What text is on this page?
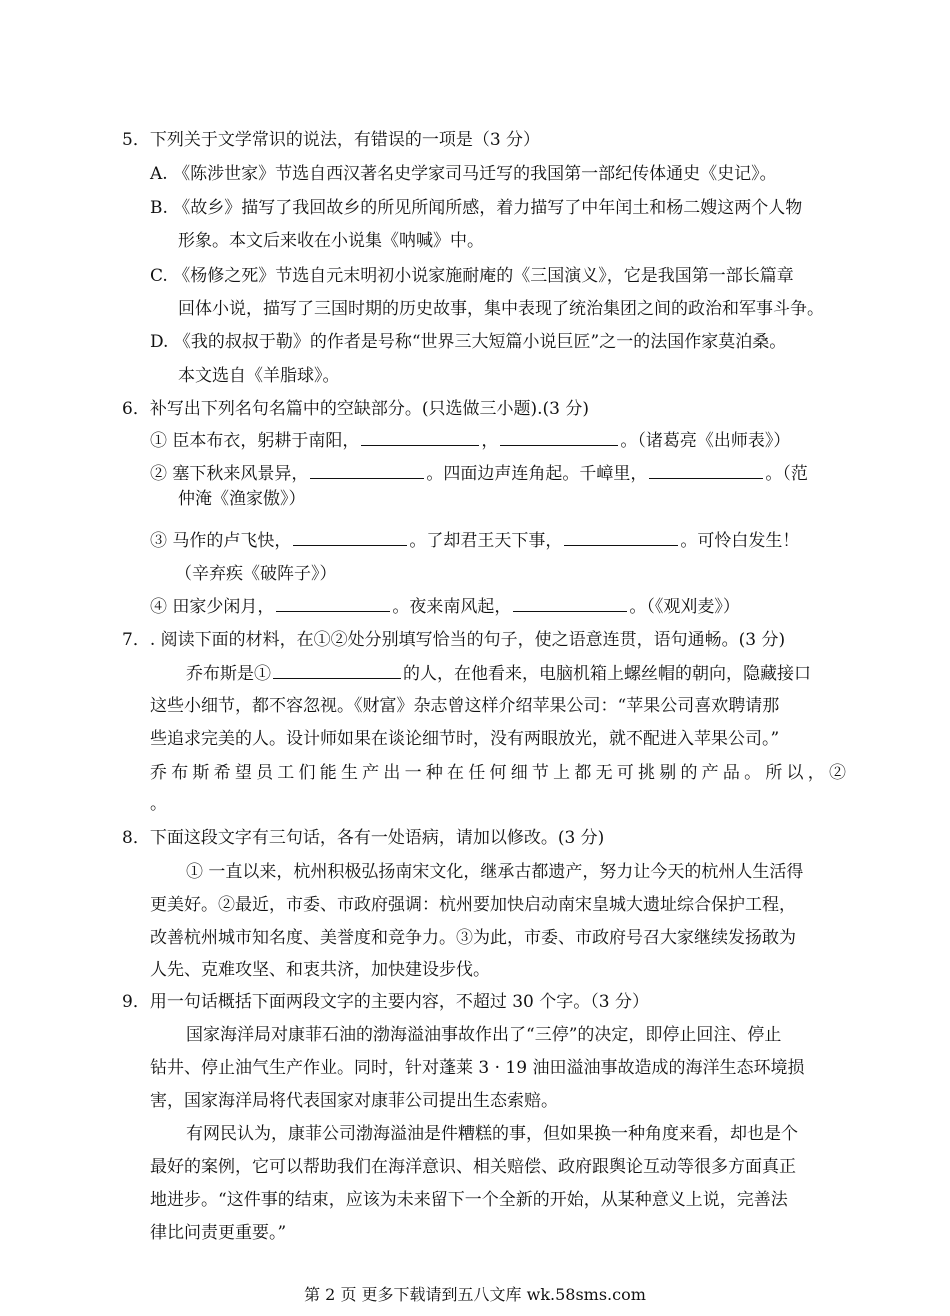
5．下列关于文学常识的说法，有错误的一项是（3 分）
A. 《陈涉世家》节选自西汉著名史学家司马迁写的我国第一部纪传体通史《史记》。
B. 《故乡》描写了我回故乡的所见所闻所感，着力描写了中年闰土和杨二嫂这两个人物
形象。本文后来收在小说集《呐喊》中。
C. 《杨修之死》节选自元末明初小说家施耐庵的《三国演义》，它是我国第一部长篇章
回体小说，描写了三国时期的历史故事，集中表现了统治集团之间的政治和军事斗争。
D. 《我的叔叔于勒》的作者是号称“世界三大短篇小说巨匠”之一的法国作家莫泊桑。
本文选自《羊脂球》。
6．补写出下列名句名篇中的空缺部分。(只选做三小题).(3 分)
① 臣本布衣，躬耕于南阳，	，	。（诸葛亮《出师表》）
② 塞下秋来风景异，	。四面边声连角起。千嶂里，	。（范
仲淹《渔家傲》）
③ 马作的卢飞快，	。了却君王天下事，	。可怜白发生！
（辛弃疾《破阵子》）
④ 田家少闲月，	。夜来南风起，	。（《观刈麦》）
7．. 阅读下面的材料，在①②处分别填写恰当的句子，使之语意连贯，语句通畅。(3 分)
乔布斯是①	的人，在他看来，电脑机箱上螺丝帽的朝向，隐藏接口
这些小细节，都不容忽视。《财富》杂志曾这样介绍苹果公司：“苹果公司喜欢聘请那
些追求完美的人。设计师如果在谈论细节时，没有两眼放光，就不配进入苹果公司。”
乔布斯希望员工们能生产出一种在任何细节上都无可挑剔的产品。所以，②
。
8．下面这段文字有三句话，各有一处语病，请加以修改。(3 分)
① 一直以来，杭州积极弘扬南宋文化，继承古都遗产，努力让今天的杭州人生活得
更美好。②最近，市委、市政府强调：杭州要加快启动南宋皇城大遗址综合保护工程，
改善杭州城市知名度、美誉度和竞争力。③为此，市委、市政府号召大家继续发扬敢为
人先、克难攻坚、和衷共济，加快建设步伐。
9．用一句话概括下面两段文字的主要内容，不超过 30 个字。（3 分）
国家海洋局对康菲石油的渤海溢油事故作出了“三停”的决定，即停止回注、停止
钻井、停止油气生产作业。同时，针对蓬莱 3 · 19 油田溢油事故造成的海洋生态环境损
害，国家海洋局将代表国家对康菲公司提出生态索赔。
有网民认为，康菲公司渤海溢油是件糟糕的事，但如果换一种角度来看，却也是个
最好的案例，它可以帮助我们在海洋意识、相关赔偿、政府跟舆论互动等很多方面真正
地进步。“这件事的结束，应该为未来留下一个全新的开始，从某种意义上说，完善法
律比问责更重要。”
第 2 页 更多下载请到五八文库 wk.58sms.com
